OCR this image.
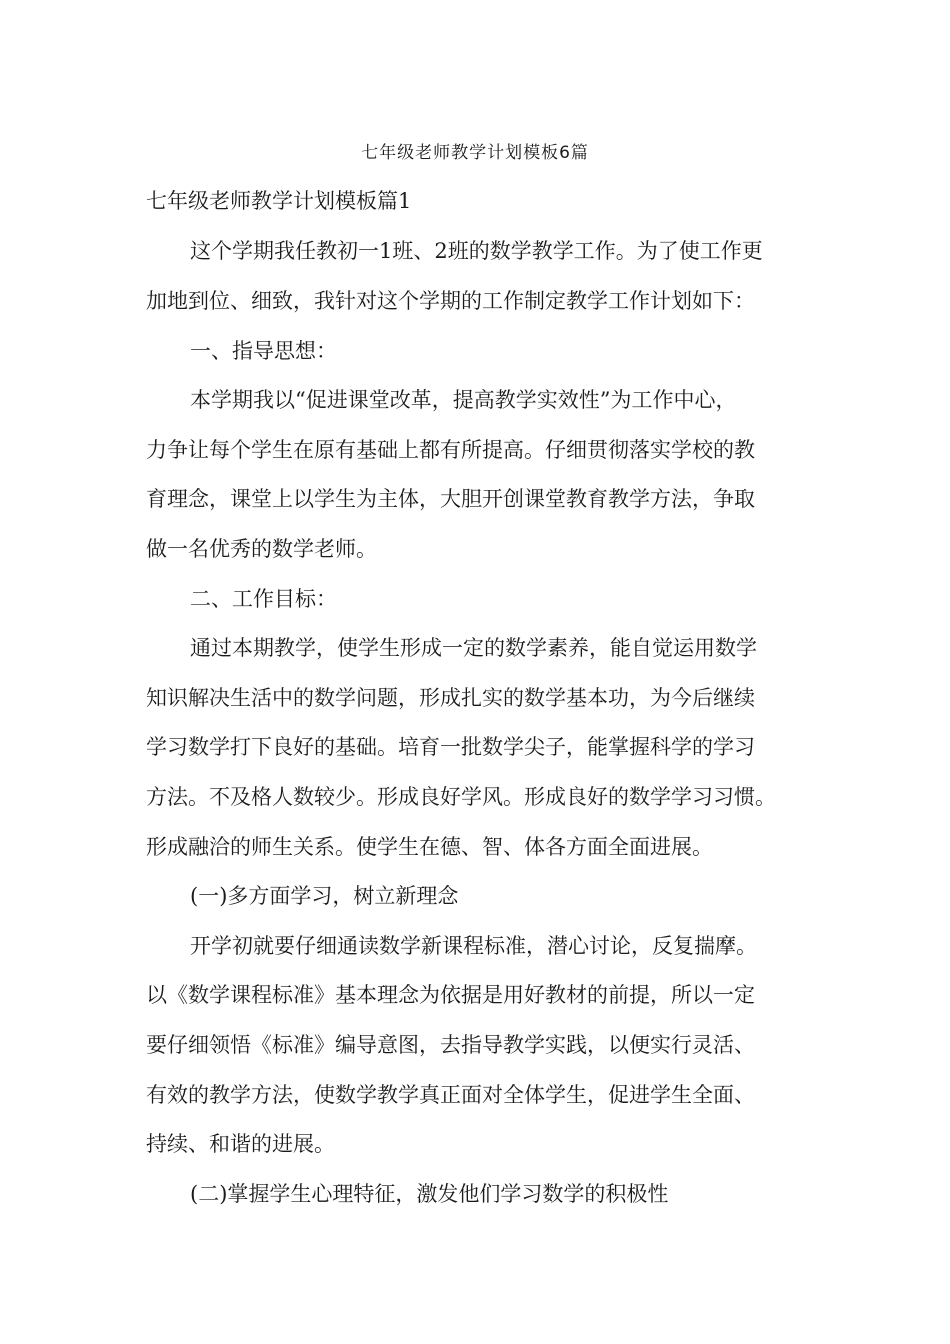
七年级老师教学计划模板6篇
七年级老师教学计划模板篇1
这个学期我任教初一1班、2班的数学教学工作。为了使工作更
加地到位、细致，我针对这个学期的工作制定教学工作计划如下：
一、指导思想：
本学期我以“促进课堂改革，提高教学实效性”为工作中心，
力争让每个学生在原有基础上都有所提高。仔细贯彻落实学校的教
育理念，课堂上以学生为主体，大胆开创课堂教育教学方法，争取
做一名优秀的数学老师。
二、工作目标：
通过本期教学，使学生形成一定的数学素养，能自觉运用数学
知识解决生活中的数学问题，形成扎实的数学基本功，为今后继续
学习数学打下良好的基础。培育一批数学尖子，能掌握科学的学习
方法。不及格人数较少。形成良好学风。形成良好的数学学习习惯。
形成融洽的师生关系。使学生在德、智、体各方面全面进展。
(一)多方面学习，树立新理念
开学初就要仔细通读数学新课程标准，潜心讨论，反复揣摩。
以《数学课程标准》基本理念为依据是用好教材的前提，所以一定
要仔细领悟《标准》编导意图，去指导教学实践，以便实行灵活、
有效的教学方法，使数学教学真正面对全体学生，促进学生全面、
持续、和谐的进展。
(二)掌握学生心理特征，激发他们学习数学的积极性
